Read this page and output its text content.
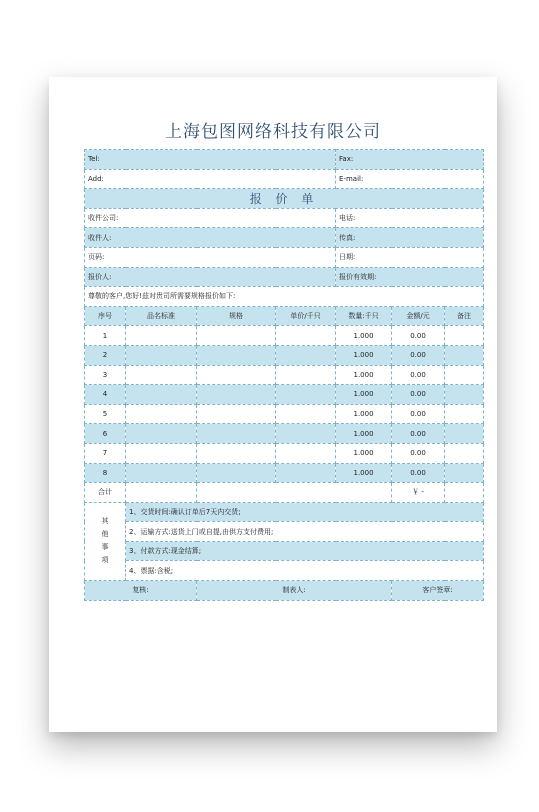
上海包图网络科技有限公司
Tel:				Fax:		
Add:				E-mail:		
报 价 单						
收件公司:				电话:		
收件人:				传真:		
页码:				日期:		
报价人:				报价有效期:		
尊敬的客户,您好!兹对贵司所需要规格报价如下:						
序号	品名标准	规格	单价/千只	数量:千只	金额/元	备注
1				1.000	0.00	
2				1.000	0.00	
3				1.000	0.00	
4				1.000	0.00	
5				1.000	0.00	
6				1.000	0.00	
7				1.000	0.00	
8				1.000	0.00	
合计					￥ -	
其他事项	1、交货时间:确认订单后7天内交货;					
	2、运输方式:送货上门或自提,由供方支付费用;					
	3、付款方式:现金结算;					
	4、票据:含税;					
复核:		制表人:			客户签章:	
